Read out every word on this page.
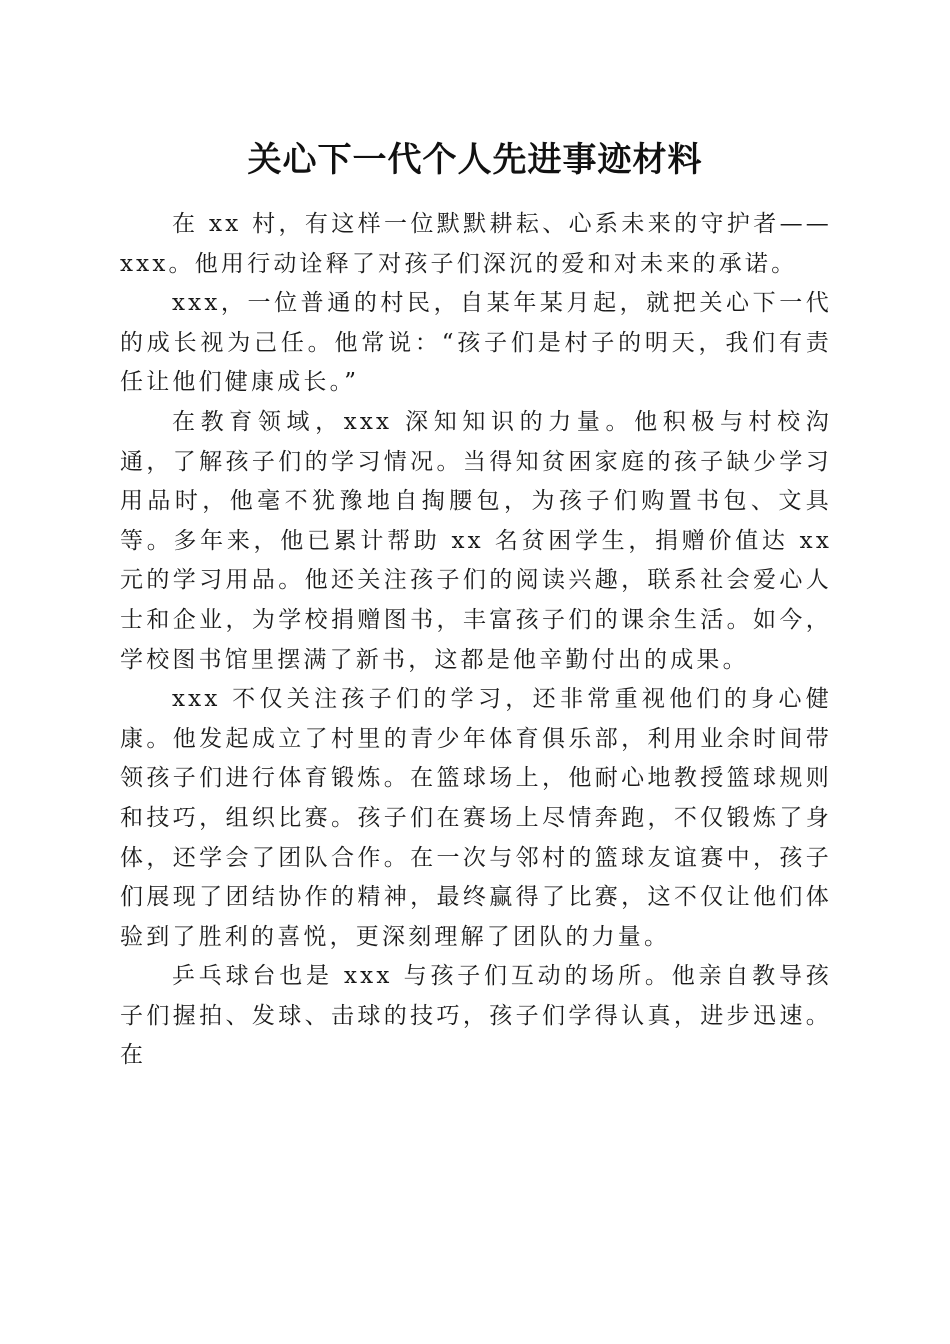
关心下一代个人先进事迹材料

在 xx 村，有这样一位默默耕耘、心系未来的守护者——xxx。他用行动诠释了对孩子们深沉的爱和对未来的承诺。

xxx，一位普通的村民，自某年某月起，就把关心下一代的成长视为己任。他常说：“孩子们是村子的明天，我们有责任让他们健康成长。”

在教育领域，xxx 深知知识的力量。他积极与村校沟通，了解孩子们的学习情况。当得知贫困家庭的孩子缺少学习用品时，他毫不犹豫地自掏腰包，为孩子们购置书包、文具等。多年来，他已累计帮助 xx 名贫困学生，捐赠价值达 xx 元的学习用品。他还关注孩子们的阅读兴趣，联系社会爱心人士和企业，为学校捐赠图书，丰富孩子们的课余生活。如今，学校图书馆里摆满了新书，这都是他辛勤付出的成果。

xxx 不仅关注孩子们的学习，还非常重视他们的身心健康。他发起成立了村里的青少年体育俱乐部，利用业余时间带领孩子们进行体育锻炼。在篮球场上，他耐心地教授篮球规则和技巧，组织比赛。孩子们在赛场上尽情奔跑，不仅锻炼了身体，还学会了团队合作。在一次与邻村的篮球友谊赛中，孩子们展现了团结协作的精神，最终赢得了比赛，这不仅让他们体验到了胜利的喜悦，更深刻理解了团队的力量。

乒乓球台也是 xxx 与孩子们互动的场所。他亲自教导孩子们握拍、发球、击球的技巧，孩子们学得认真，进步迅速。在
